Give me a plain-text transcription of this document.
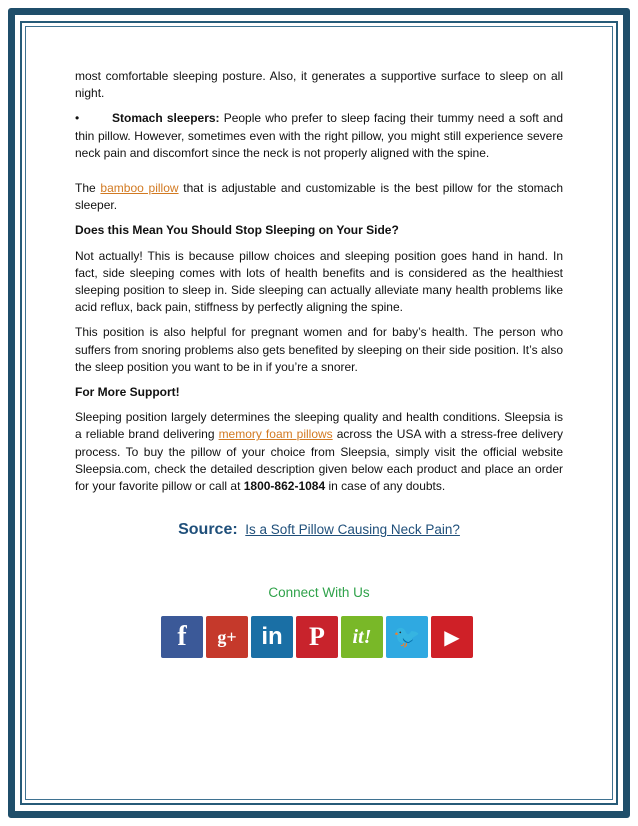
most comfortable sleeping posture. Also, it generates a supportive surface to sleep on all night.

•	Stomach sleepers: People who prefer to sleep facing their tummy need a soft and thin pillow. However, sometimes even with the right pillow, you might still experience severe neck pain and discomfort since the neck is not properly aligned with the spine.

The bamboo pillow that is adjustable and customizable is the best pillow for the stomach sleeper.

Does this Mean You Should Stop Sleeping on Your Side?

Not actually! This is because pillow choices and sleeping position goes hand in hand. In fact, side sleeping comes with lots of health benefits and is considered as the healthiest sleeping position to sleep in. Side sleeping can actually alleviate many health problems like acid reflux, back pain, stiffness by perfectly aligning the spine.

This position is also helpful for pregnant women and for baby’s health. The person who suffers from snoring problems also gets benefited by sleeping on their side position. It’s also the sleep position you want to be in if you’re a snorer.

For More Support!

Sleeping position largely determines the sleeping quality and health conditions. Sleepsia is a reliable brand delivering memory foam pillows across the USA with a stress-free delivery process. To buy the pillow of your choice from Sleepsia, simply visit the official website Sleepsia.com, check the detailed description given below each product and place an order for your favorite pillow or call at 1800-862-1084 in case of any doubts.

Source: Is a Soft Pillow Causing Neck Pain?
Connect With Us
f g+ in P it! 🐦 ▶
